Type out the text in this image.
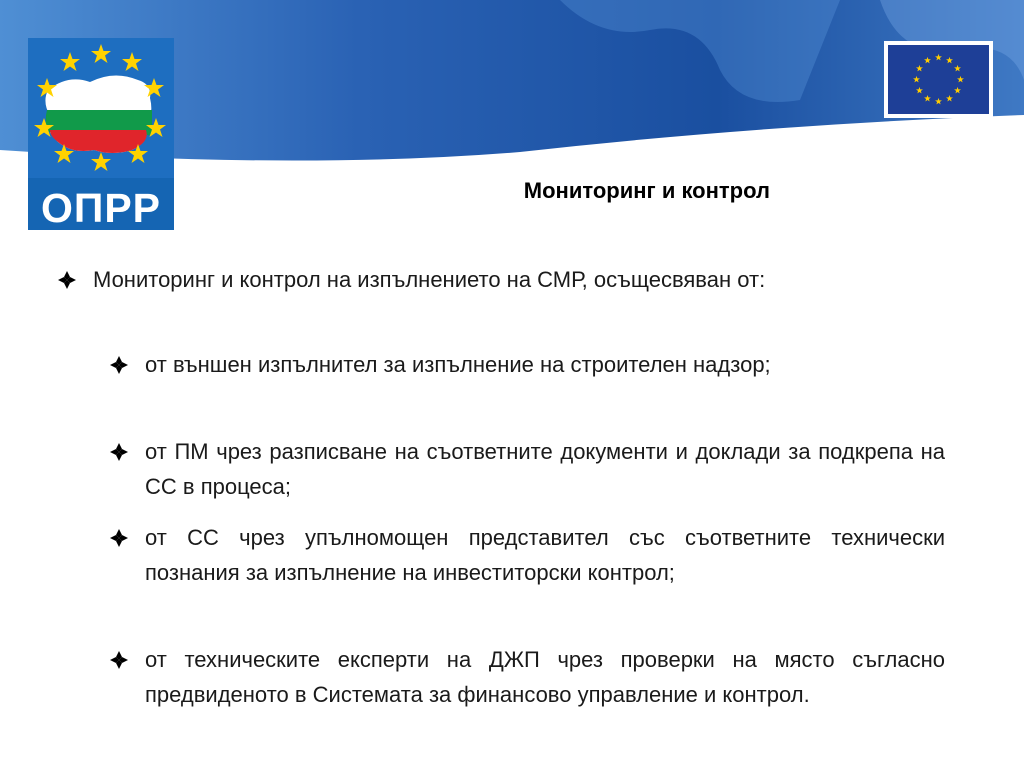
ОПРР	Мониторинг и контрол
Мониторинг и контрол на изпълнението на СМР, осъщесвяван от:
от външен изпълнител за изпълнение на строителен надзор;
от ПМ чрез разписване на съответните документи и доклади за подкрепа на СС в процеса;
от СС чрез упълномощен представител със съответните технически познания за изпълнение на инвеститорски контрол;
от техническите експерти на ДЖП чрез проверки на място съгласно предвиденото в Системата за финансово управление и контрол.
